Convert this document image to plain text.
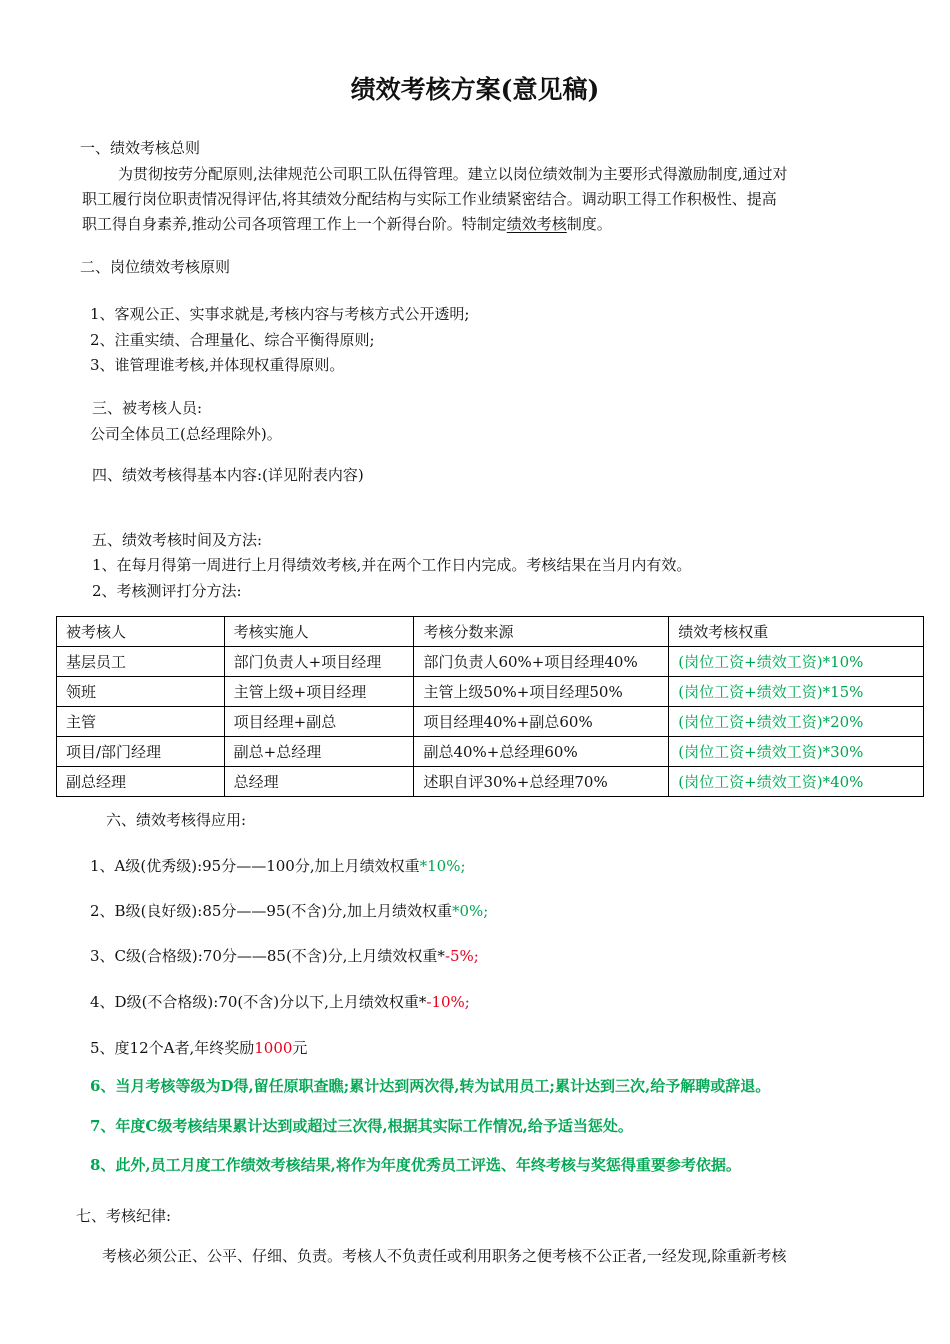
绩效考核方案(意见稿)
一、绩效考核总则
为贯彻按劳分配原则,法律规范公司职工队伍得管理。建立以岗位绩效制为主要形式得激励制度,通过对
职工履行岗位职责情况得评估,将其绩效分配结构与实际工作业绩紧密结合。调动职工得工作积极性、提高
职工得自身素养,推动公司各项管理工作上一个新得台阶。特制定绩效考核制度。
二、岗位绩效考核原则
1、客观公正、实事求就是,考核内容与考核方式公开透明;
2、注重实绩、合理量化、综合平衡得原则;
3、谁管理谁考核,并体现权重得原则。
三、被考核人员:
公司全体员工(总经理除外)。
四、绩效考核得基本内容:(详见附表内容)
五、绩效考核时间及方法:
1、在每月得第一周进行上月得绩效考核,并在两个工作日内完成。考核结果在当月内有效。
2、考核测评打分方法:
被考核人	考核实施人	考核分数来源	绩效考核权重
基层员工	部门负责人+项目经理	部门负责人60%+项目经理40%	(岗位工资+绩效工资)*10%
领班	主管上级+项目经理	主管上级50%+项目经理50%	(岗位工资+绩效工资)*15%
主管	项目经理+副总	项目经理40%+副总60%	(岗位工资+绩效工资)*20%
项目/部门经理	副总+总经理	副总40%+总经理60%	(岗位工资+绩效工资)*30%
副总经理	总经理	述职自评30%+总经理70%	(岗位工资+绩效工资)*40%
六、绩效考核得应用:
1、A级(优秀级):95分——100分,加上月绩效权重*10%;
2、B级(良好级):85分——95(不含)分,加上月绩效权重*0%;
3、C级(合格级):70分——85(不含)分,上月绩效权重*-5%;
4、D级(不合格级):70(不含)分以下,上月绩效权重*-10%;
5、度12个A者,年终奖励1000元
6、当月考核等级为D得,留任原职查瞧;累计达到两次得,转为试用员工;累计达到三次,给予解聘或辞退。
7、年度C级考核结果累计达到或超过三次得,根据其实际工作情况,给予适当惩处。
8、此外,员工月度工作绩效考核结果,将作为年度优秀员工评选、年终考核与奖惩得重要参考依据。
七、考核纪律:
考核必须公正、公平、仔细、负责。考核人不负责任或利用职务之便考核不公正者,一经发现,除重新考核
